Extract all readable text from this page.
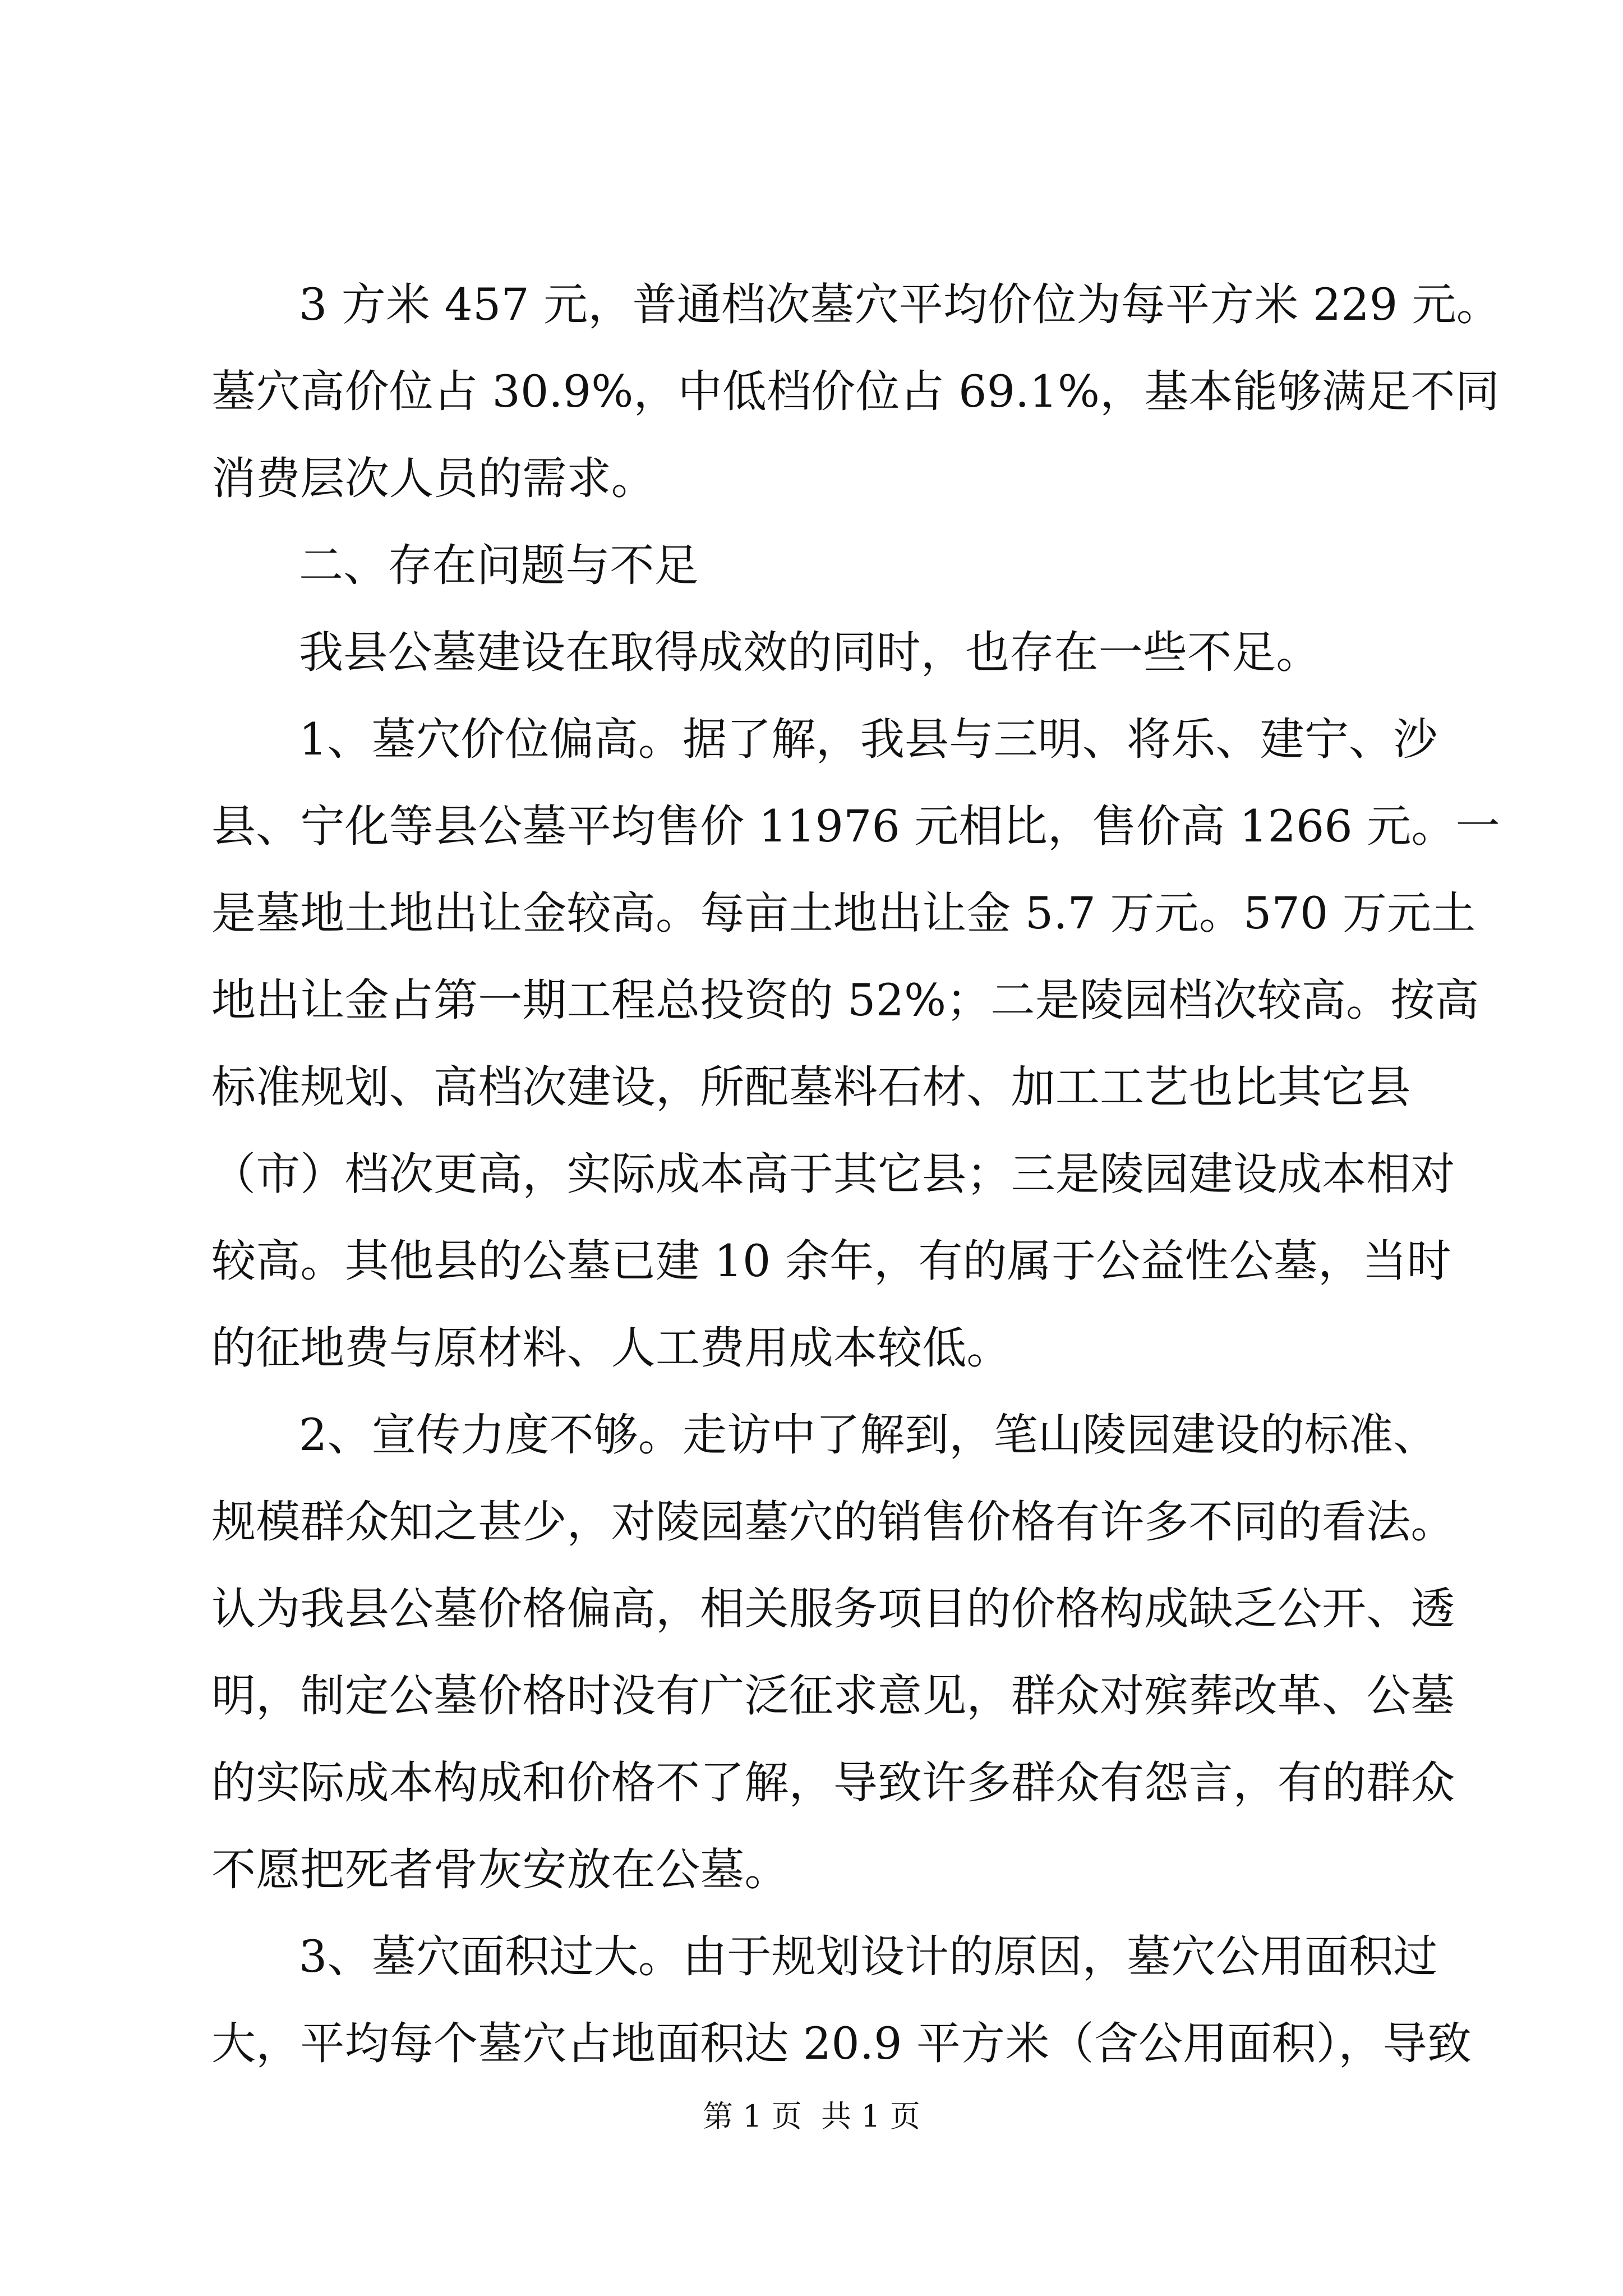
3 方米 457 元，普通档次墓穴平均价位为每平方米 229 元。
墓穴高价位占 30.9%，中低档价位占 69.1%，基本能够满足不同
消费层次人员的需求。
二、存在问题与不足
我县公墓建设在取得成效的同时，也存在一些不足。
1、墓穴价位偏高。据了解，我县与三明、将乐、建宁、沙
县、宁化等县公墓平均售价 11976 元相比，售价高 1266 元。一
是墓地土地出让金较高。每亩土地出让金 5.7 万元。570 万元土
地出让金占第一期工程总投资的 52%；二是陵园档次较高。按高
标准规划、高档次建设，所配墓料石材、加工工艺也比其它县
（市）档次更高，实际成本高于其它县；三是陵园建设成本相对
较高。其他县的公墓已建 10 余年，有的属于公益性公墓，当时
的征地费与原材料、人工费用成本较低。
2、宣传力度不够。走访中了解到，笔山陵园建设的标准、
规模群众知之甚少，对陵园墓穴的销售价格有许多不同的看法。
认为我县公墓价格偏高，相关服务项目的价格构成缺乏公开、透
明，制定公墓价格时没有广泛征求意见，群众对殡葬改革、公墓
的实际成本构成和价格不了解，导致许多群众有怨言，有的群众
不愿把死者骨灰安放在公墓。
3、墓穴面积过大。由于规划设计的原因，墓穴公用面积过
大，平均每个墓穴占地面积达 20.9 平方米（含公用面积），导致
第 1 页  共 1 页
